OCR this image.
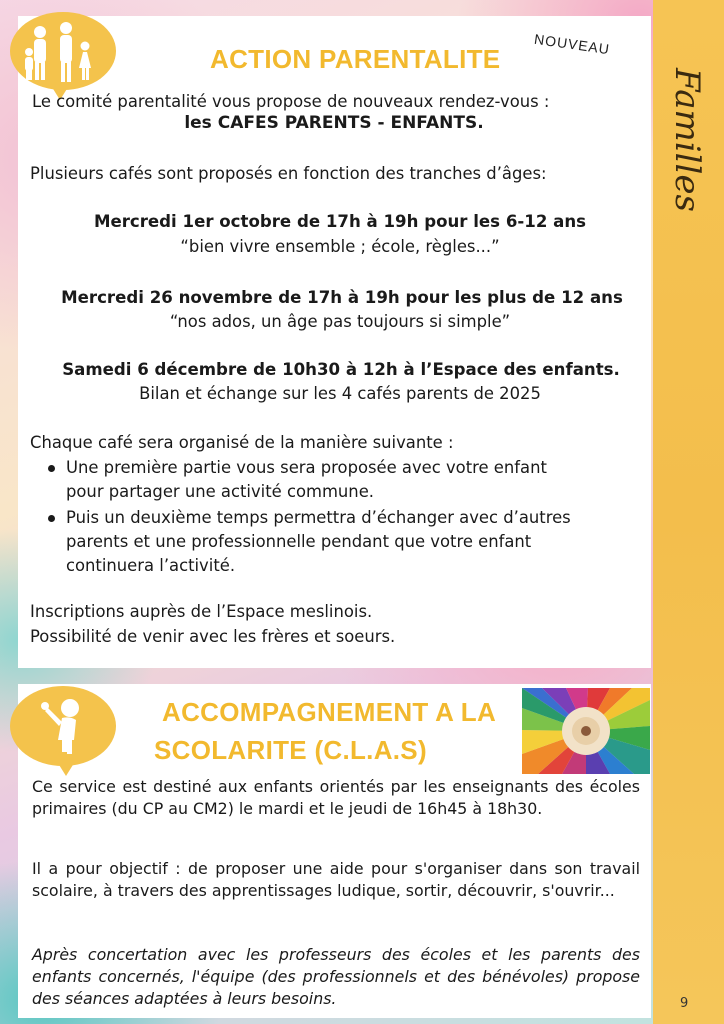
Familles
9
ACTION PARENTALITE NOUVEAU
Le comité parentalité vous propose de nouveaux rendez-vous :
les CAFES PARENTS - ENFANTS.
Plusieurs cafés sont proposés en fonction des tranches d’âges:
Mercredi 1er octobre de 17h à 19h pour les 6-12 ans
“bien vivre ensemble ; école, règles...”
Mercredi 26 novembre de 17h à 19h pour les plus de 12 ans
“nos ados, un âge pas toujours si simple”
Samedi 6 décembre de 10h30 à 12h à l’Espace des enfants.
Bilan et échange sur les 4 cafés parents de 2025
Chaque café sera organisé de la manière suivante :
Une première partie vous sera proposée avec votre enfant
pour partager une activité commune.
Puis un deuxième temps permettra d’échanger avec d’autres
parents et une professionnelle pendant que votre enfant
continuera l’activité.
Inscriptions auprès de l’Espace meslinois.
Possibilité de venir avec les frères et soeurs.
ACCOMPAGNEMENT A LA
SCOLARITE (C.L.A.S)
Ce service est destiné aux enfants orientés par les enseignants des écoles primaires (du CP au CM2) le mardi et le jeudi de 16h45 à 18h30.
Il a pour objectif : de proposer une aide pour s'organiser dans son travail scolaire, à travers des apprentissages ludique, sortir, découvrir, s'ouvrir...
Après concertation avec les professeurs des écoles et les parents des enfants concernés, l'équipe (des professionnels et des bénévoles) propose des séances adaptées à leurs besoins.
